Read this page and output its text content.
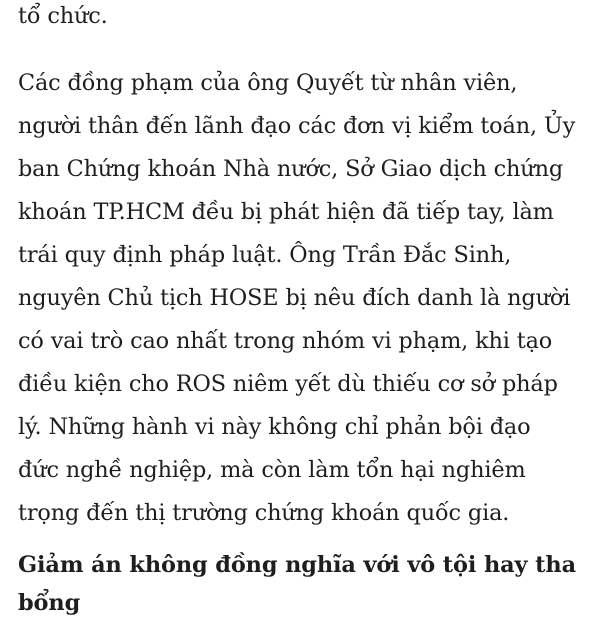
tổ chức.
Các đồng phạm của ông Quyết từ nhân viên,
người thân đến lãnh đạo các đơn vị kiểm toán, Ủy
ban Chứng khoán Nhà nước, Sở Giao dịch chứng
khoán TP.HCM đều bị phát hiện đã tiếp tay, làm
trái quy định pháp luật. Ông Trần Đắc Sinh,
nguyên Chủ tịch HOSE bị nêu đích danh là người
có vai trò cao nhất trong nhóm vi phạm, khi tạo
điều kiện cho ROS niêm yết dù thiếu cơ sở pháp
lý. Những hành vi này không chỉ phản bội đạo
đức nghề nghiệp, mà còn làm tổn hại nghiêm
trọng đến thị trường chứng khoán quốc gia.
Giảm án không đồng nghĩa với vô tội hay tha
bổng
